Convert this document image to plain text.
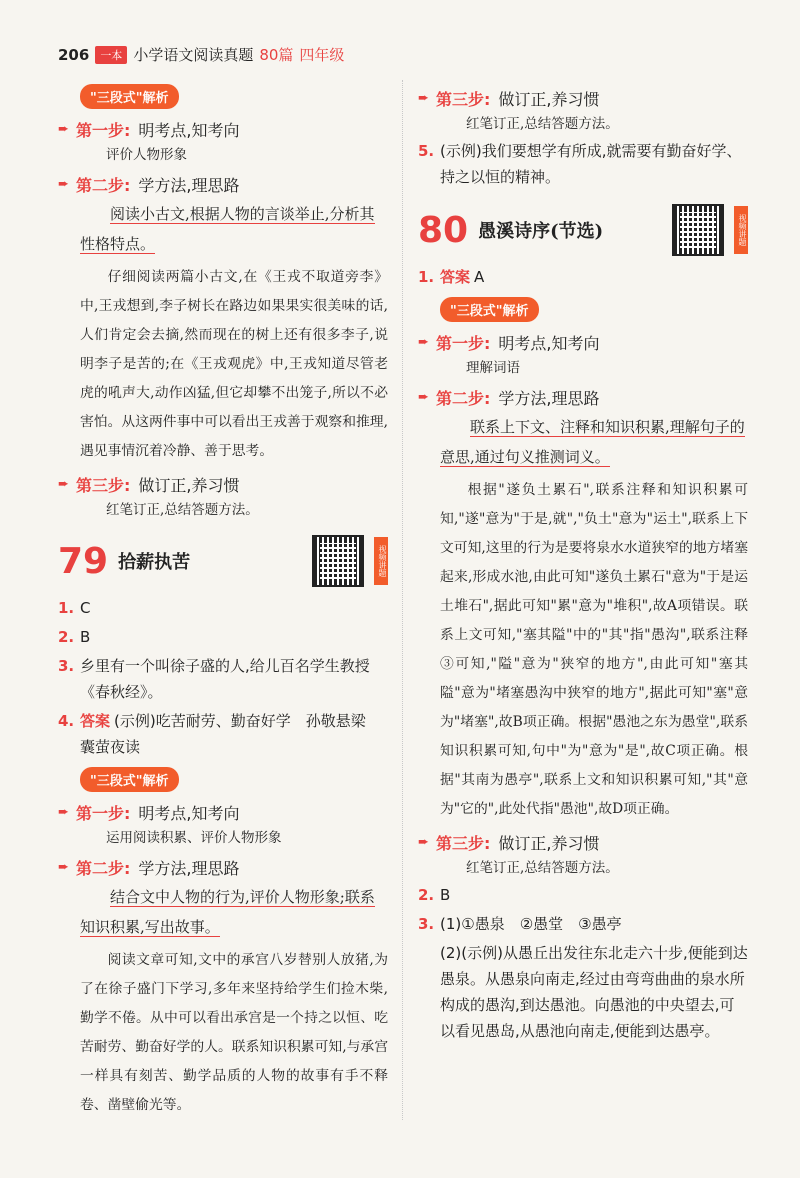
206	一本 小学语文阅读真题 80篇 四年级
"三段式"解析
➨ 第一步: 明考点,知考向
评价人物形象
➨ 第二步: 学方法,理思路
阅读小古文,根据人物的言谈举止,分析其性格特点。
仔细阅读两篇小古文,在《王戎不取道旁李》中,王戎想到,李子树长在路边如果果实很美味的话,人们肯定会去摘,然而现在的树上还有很多李子,说明李子是苦的;在《王戎观虎》中,王戎知道尽管老虎的吼声大,动作凶猛,但它却攀不出笼子,所以不必害怕。从这两件事中可以看出王戎善于观察和推理,遇见事情沉着冷静、善于思考。
➨ 第三步: 做订正,养习惯
红笔订正,总结答题方法。
79 拾薪执苦	视频讲题
1. C
2. B
3. 乡里有一个叫徐子盛的人,给儿百名学生教授《春秋经》。
4. 答案 (示例)吃苦耐劳、勤奋好学　孙敬悬梁　囊萤夜读
"三段式"解析
➨ 第一步: 明考点,知考向
运用阅读积累、评价人物形象
➨ 第二步: 学方法,理思路
结合文中人物的行为,评价人物形象;联系知识积累,写出故事。
阅读文章可知,文中的承宫八岁替别人放猪,为了在徐子盛门下学习,多年来坚持给学生们捡木柴,勤学不倦。从中可以看出承宫是一个持之以恒、吃苦耐劳、勤奋好学的人。联系知识积累可知,与承宫一样具有刻苦、勤学品质的人物的故事有手不释卷、凿壁偷光等。
➨ 第三步: 做订正,养习惯
红笔订正,总结答题方法。
5. (示例)我们要想学有所成,就需要有勤奋好学、持之以恒的精神。
80 愚溪诗序(节选)	视频讲题
1. 答案 A
"三段式"解析
➨ 第一步: 明考点,知考向
理解词语
➨ 第二步: 学方法,理思路
联系上下文、注释和知识积累,理解句子的意思,通过句义推测词义。
根据"遂负土累石",联系注释和知识积累可知,"遂"意为"于是,就","负土"意为"运土",联系上下文可知,这里的行为是要将泉水水道狭窄的地方堵塞起来,形成水池,由此可知"遂负土累石"意为"于是运土堆石",据此可知"累"意为"堆积",故A项错误。联系上文可知,"塞其隘"中的"其"指"愚沟",联系注释③可知,"隘"意为"狭窄的地方",由此可知"塞其隘"意为"堵塞愚沟中狭窄的地方",据此可知"塞"意为"堵塞",故B项正确。根据"愚池之东为愚堂",联系知识积累可知,句中"为"意为"是",故C项正确。根据"其南为愚亭",联系上文和知识积累可知,"其"意为"它的",此处代指"愚池",故D项正确。
➨ 第三步: 做订正,养习惯
红笔订正,总结答题方法。
2. B
3. (1)①愚泉　②愚堂　③愚亭
(2)(示例)从愚丘出发往东北走六十步,便能到达愚泉。从愚泉向南走,经过由弯弯曲曲的泉水所构成的愚沟,到达愚池。向愚池的中央望去,可以看见愚岛,从愚池向南走,便能到达愚亭。
